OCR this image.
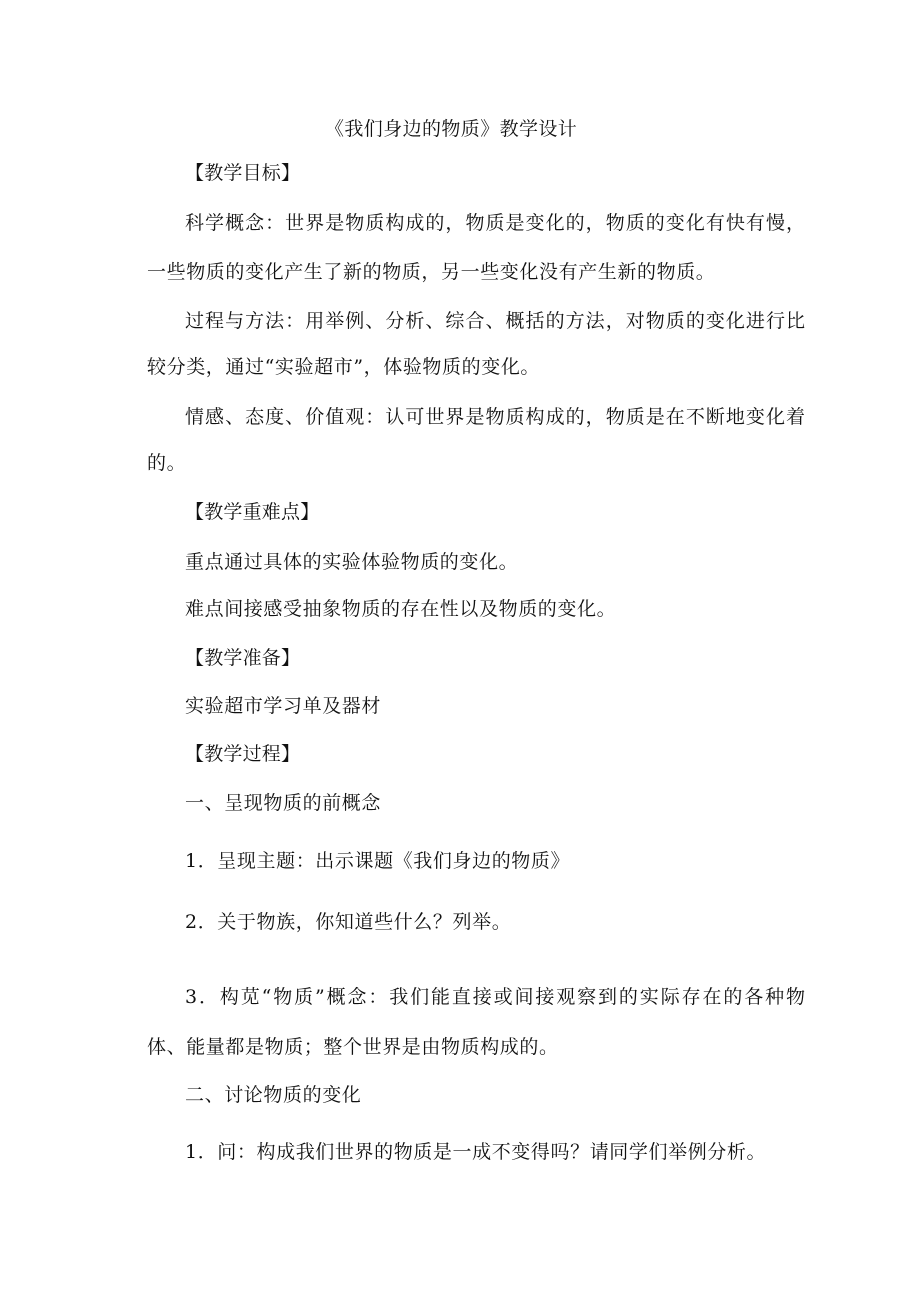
《我们身边的物质》教学设计
【教学目标】
科学概念：世界是物质构成的，物质是变化的，物质的变化有快有慢，
一些物质的变化产生了新的物质，另一些变化没有产生新的物质。
过程与方法：用举例、分析、综合、概括的方法，对物质的变化进行比
较分类，通过“实验超市”，体验物质的变化。
情感、态度、价值观：认可世界是物质构成的，物质是在不断地变化着
的。
【教学重难点】
重点通过具体的实验体验物质的变化。
难点间接感受抽象物质的存在性以及物质的变化。
【教学准备】
实验超市学习单及器材
【教学过程】
一、呈现物质的前概念
1．呈现主题：出示课题《我们身边的物质》
2．关于物族，你知道些什么？列举。
3．构苋“物质”概念：我们能直接或间接观察到的实际存在的各种物
体、能量都是物质；整个世界是由物质构成的。
二、讨论物质的变化
1．问：构成我们世界的物质是一成不变得吗？请同学们举例分析。
